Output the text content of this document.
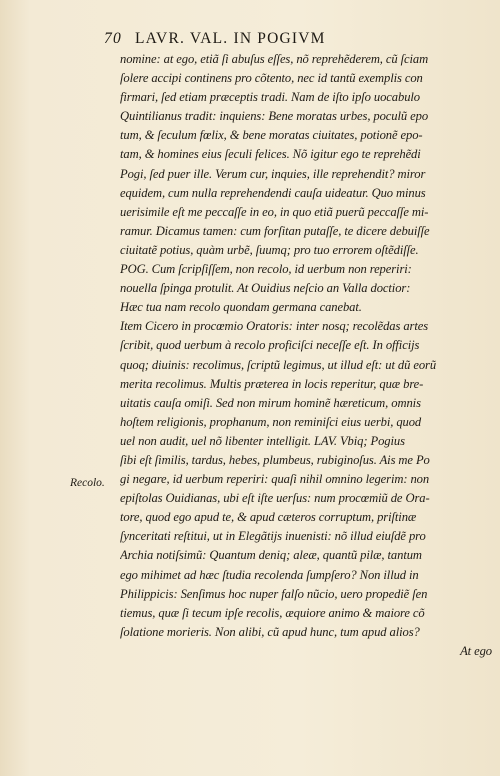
70 LAVR. VAL. IN POGIVM
Recolo.
nomine: at ego, etiã ſi abuſus eſſes, nõ reprehẽderem, cũ ſciam
ſolere accipi continens pro cõtento, nec id tantũ exemplis con
firmari, ſed etiam præceptis tradi. Nam de iſto ipſo uocabulo
Quintilianus tradit: inquiens: Bene moratas urbes, poculũ epo
tum, & ſeculum fœlix, & bene moratas ciuitates, potionẽ epo-
tam, & homines eius ſeculi felices. Nõ igitur ego te reprehẽdi
Pogi, ſed puer ille. Verum cur, inquies, ille reprehendit? miror
equidem, cum nulla reprehendendi cauſa uideatur. Quo minus
uerisimile eſt me peccaſſe in eo, in quo etiã puerũ peccaſſe mi-
ramur. Dicamus tamen: cum forſitan putaſſe, te dicere debuiſſe
ciuitatẽ potius, quàm urbẽ, ſuumq; pro tuo errorem oſtẽdiſſe.
POG. Cum ſcripſiſſem, non recolo, id uerbum non reperiri:
nouella ſpinga protulit. At Ouidius neſcio an Valla doctior:
Hæc tua nam recolo quondam germana canebat.
Item Cicero in procœmio Oratoris: inter nosq; recolẽdas artes
ſcribit, quod uerbum à recolo proficiſci neceſſe eſt. In officijs
quoq; diuinis: recolimus, ſcriptũ legimus, ut illud eſt: ut dũ eorũ
merita recolimus. Multis præterea in locis reperitur, quæ bre-
uitatis cauſa omiſi. Sed non mirum hominẽ hæreticum, omnis
hoſtem religionis, prophanum, non reminiſci eius uerbi, quod
uel non audit, uel nõ libenter intelligit. LAV. Vbiq; Pogius
ſibi eſt ſimilis, tardus, hebes, plumbeus, rubiginoſus. Ais me Po
gi negare, id uerbum reperiri: quaſi nihil omnino legerim: non
epiſtolas Ouidianas, ubi eſt iſte uerſus: num procœmiũ de Ora-
tore, quod ego apud te, & apud cæteros corruptum, priſtinæ
ſynceritati reſtitui, ut in Elegãtijs inuenisti: nõ illud eiuſdẽ pro
Archia notiſsimũ: Quantum deniq; aleæ, quantũ pilæ, tantum
ego mihimet ad hæc ſtudia recolenda ſumpſero? Non illud in
Philippicis: Senſimus hoc nuper falſo nũcio, uero propediẽ ſen
tiemus, quæ ſi tecum ipſe recolis, æquiore animo & maiore cõ
ſolatione morieris. Non alibi, cũ apud hunc, tum apud alios?
At ego
